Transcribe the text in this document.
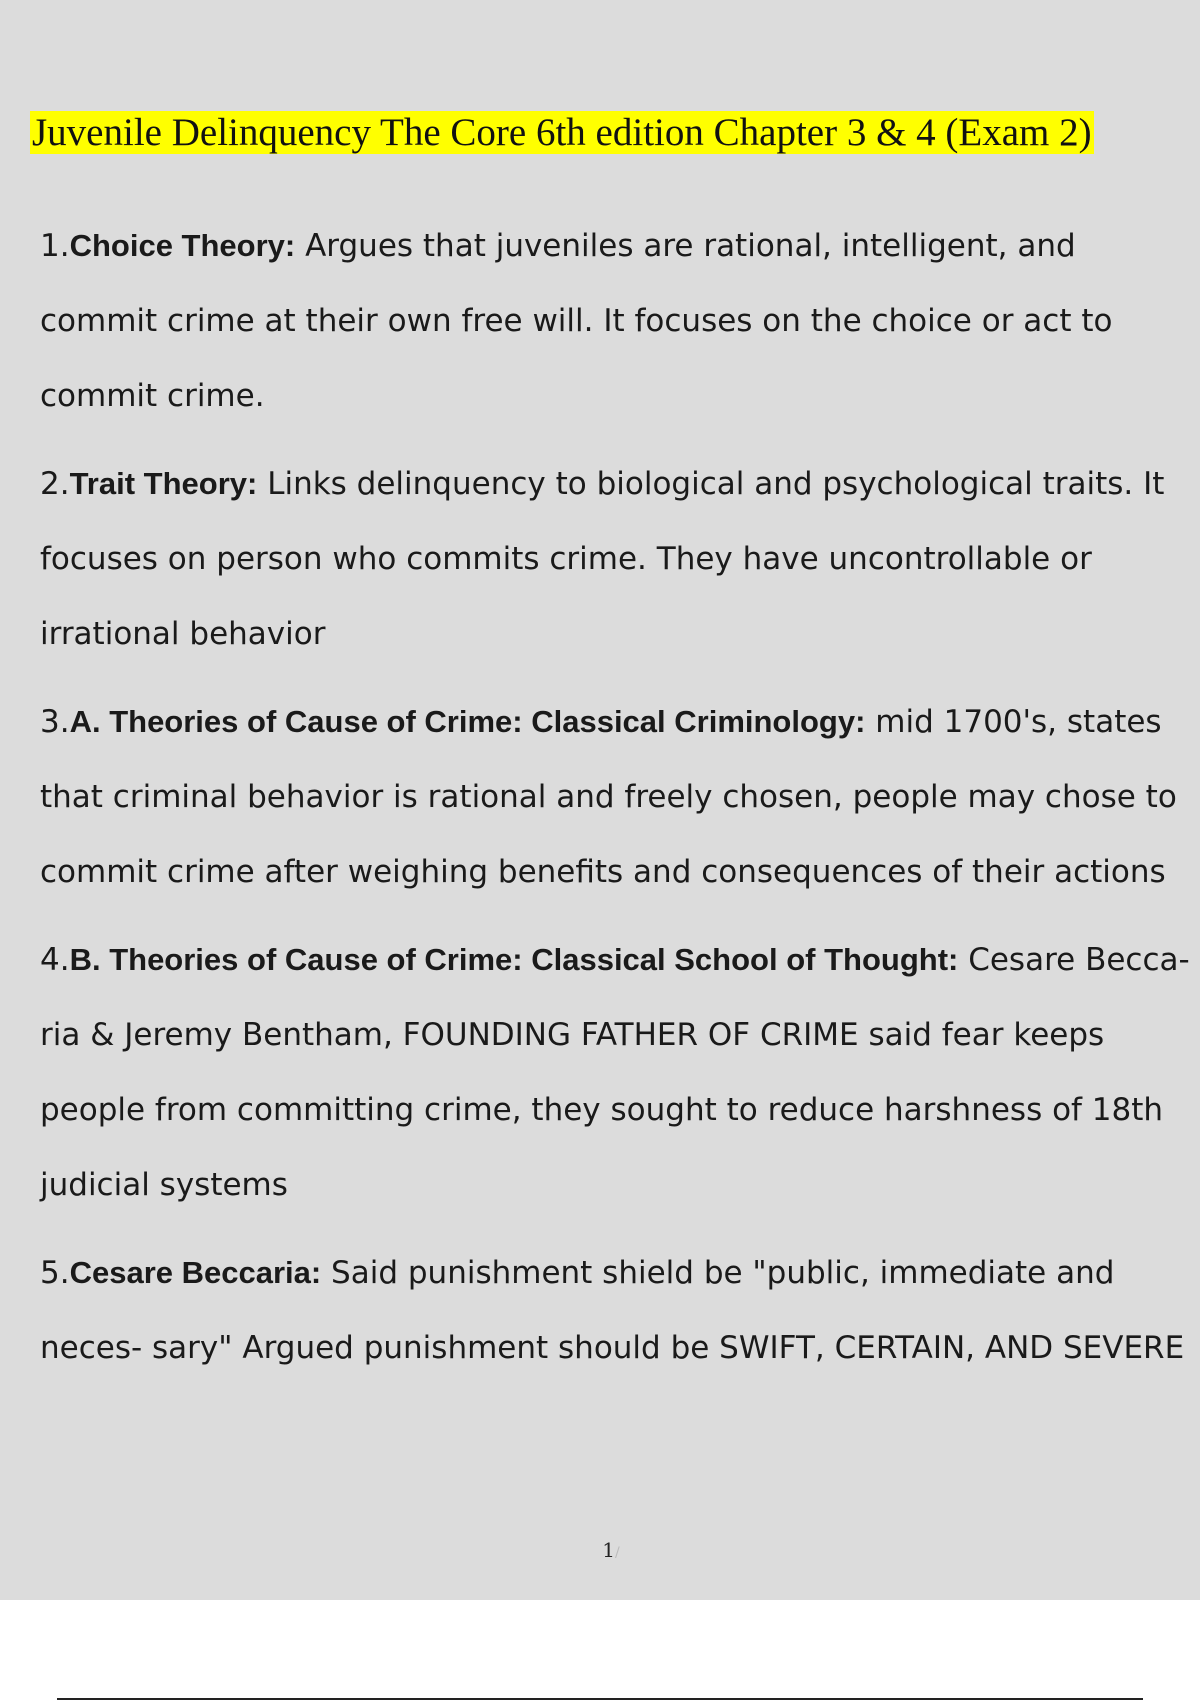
Juvenile Delinquency The Core 6th edition Chapter 3 & 4 (Exam 2)
1.Choice Theory: Argues that juveniles are rational, intelligent, and commit crime at their own free will. It focuses on the choice or act to commit crime.
2.Trait Theory: Links delinquency to biological and psychological traits. It focuses on person who commits crime. They have uncontrollable or irrational behavior
3.A. Theories of Cause of Crime: Classical Criminology: mid 1700's, states that criminal behavior is rational and freely chosen, people may chose to commit crime after weighing benefits and consequences of their actions
4.B. Theories of Cause of Crime: Classical School of Thought: Cesare Becca- ria & Jeremy Bentham, FOUNDING FATHER OF CRIME said fear keeps people from committing crime, they sought to reduce harshness of 18th judicial systems
5.Cesare Beccaria: Said punishment shield be "public, immediate and neces- sary" Argued punishment should be SWIFT, CERTAIN, AND SEVERE
1/
